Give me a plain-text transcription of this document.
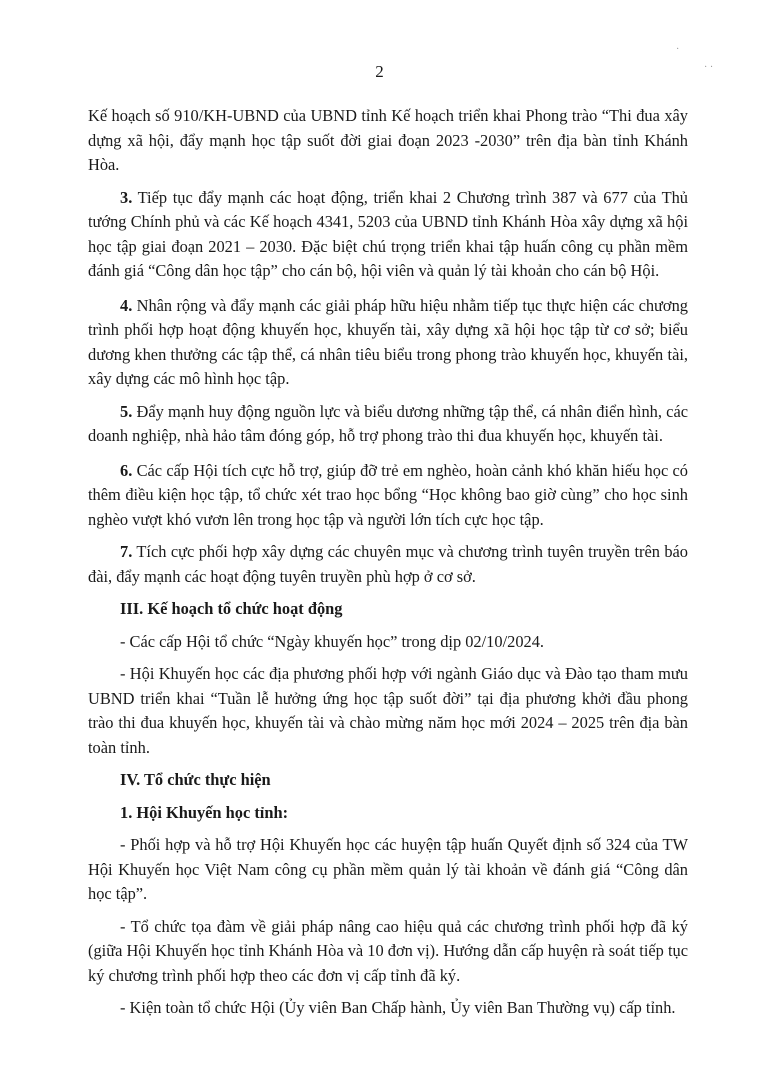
·
· ·
2

Kế hoạch số 910/KH-UBND của UBND tỉnh Kế hoạch triển khai Phong trào “Thi đua xây dựng xã hội, đẩy mạnh học tập suốt đời giai đoạn 2023 -2030” trên địa bàn tỉnh Khánh Hòa.

3. Tiếp tục đẩy mạnh các hoạt động, triển khai 2 Chương trình 387 và 677 của Thủ tướng Chính phủ và các Kế hoạch 4341, 5203 của UBND tỉnh Khánh Hòa xây dựng xã hội học tập giai đoạn 2021 – 2030. Đặc biệt chú trọng triển khai tập huấn công cụ phần mềm đánh giá “Công dân học tập” cho cán bộ, hội viên và quản lý tài khoản cho cán bộ Hội.

4. Nhân rộng và đẩy mạnh các giải pháp hữu hiệu nhằm tiếp tục thực hiện các chương trình phối hợp hoạt động khuyến học, khuyến tài, xây dựng xã hội học tập từ cơ sở; biểu dương khen thưởng các tập thể, cá nhân tiêu biểu trong phong trào khuyến học, khuyến tài, xây dựng các mô hình học tập.

5. Đẩy mạnh huy động nguồn lực và biểu dương những tập thể, cá nhân điển hình, các doanh nghiệp, nhà hảo tâm đóng góp, hỗ trợ phong trào thi đua khuyến học, khuyến tài.

6. Các cấp Hội tích cực hỗ trợ, giúp đỡ trẻ em nghèo, hoàn cảnh khó khăn hiếu học có thêm điều kiện học tập, tổ chức xét trao học bổng “Học không bao giờ cùng” cho học sinh nghèo vượt khó vươn lên trong học tập và người lớn tích cực học tập.

7. Tích cực phối hợp xây dựng các chuyên mục và chương trình tuyên truyền trên báo đài, đẩy mạnh các hoạt động tuyên truyền phù hợp ở cơ sở.

III. Kế hoạch tổ chức hoạt động

- Các cấp Hội tổ chức “Ngày khuyến học” trong dịp 02/10/2024.

- Hội Khuyến học các địa phương phối hợp với ngành Giáo dục và Đào tạo tham mưu UBND triển khai “Tuần lễ hưởng ứng học tập suốt đời” tại địa phương khởi đầu phong trào thi đua khuyến học, khuyến tài và chào mừng năm học mới 2024 – 2025 trên địa bàn toàn tỉnh.

IV. Tổ chức thực hiện

1. Hội Khuyến học tỉnh:

- Phối hợp và hỗ trợ Hội Khuyến học các huyện tập huấn Quyết định số 324 của TW Hội Khuyến học Việt Nam công cụ phần mềm quản lý tài khoản về đánh giá “Công dân học tập”.

- Tổ chức tọa đàm về giải pháp nâng cao hiệu quả các chương trình phối hợp đã ký (giữa Hội Khuyến học tỉnh Khánh Hòa và 10 đơn vị). Hướng dẫn cấp huyện rà soát tiếp tục ký chương trình phối hợp theo các đơn vị cấp tỉnh đã ký.

- Kiện toàn tổ chức Hội (Ủy viên Ban Chấp hành, Ủy viên Ban Thường vụ) cấp tỉnh.
